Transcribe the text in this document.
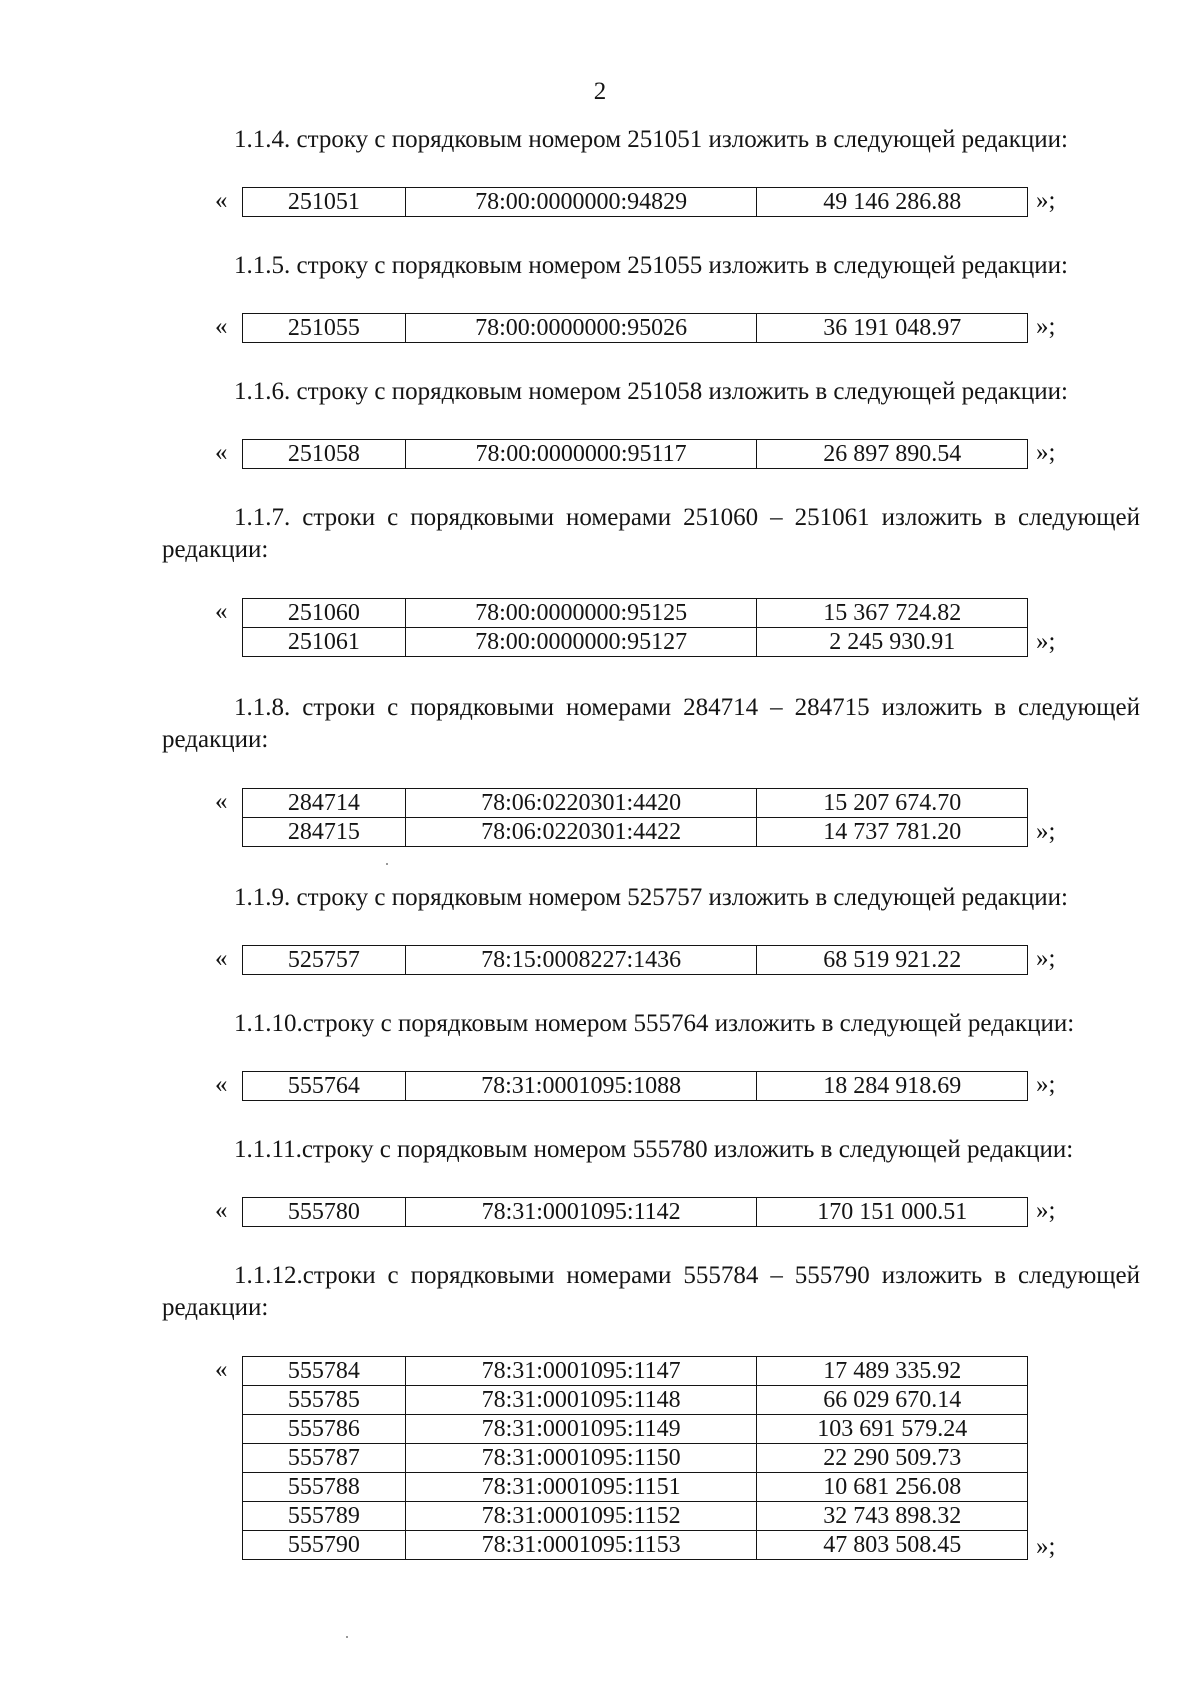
2

1.1.4. строку с порядковым номером 251051 изложить в следующей редакции:

«	251051	78:00:0000000:94829	49 146 286.88	»;

1.1.5. строку с порядковым номером 251055 изложить в следующей редакции:

«	251055	78:00:0000000:95026	36 191 048.97	»;

1.1.6. строку с порядковым номером 251058 изложить в следующей редакции:

«	251058	78:00:0000000:95117	26 897 890.54	»;

1.1.7. строки с порядковыми номерами 251060 – 251061 изложить в следующей редакции:

«	251060	78:00:0000000:95125	15 367 724.82
251061	78:00:0000000:95127	2 245 930.91	»;

1.1.8. строки с порядковыми номерами 284714 – 284715 изложить в следующей редакции:

«	284714	78:06:0220301:4420	15 207 674.70
284715	78:06:0220301:4422	14 737 781.20	»;

1.1.9. строку с порядковым номером 525757 изложить в следующей редакции:

«	525757	78:15:0008227:1436	68 519 921.22	»;

1.1.10.строку с порядковым номером 555764 изложить в следующей редакции:

«	555764	78:31:0001095:1088	18 284 918.69	»;

1.1.11.строку с порядковым номером 555780 изложить в следующей редакции:

«	555780	78:31:0001095:1142	170 151 000.51	»;

1.1.12.строки с порядковыми номерами 555784 – 555790 изложить в следующей редакции:

«	555784	78:31:0001095:1147	17 489 335.92
555785	78:31:0001095:1148	66 029 670.14
555786	78:31:0001095:1149	103 691 579.24
555787	78:31:0001095:1150	22 290 509.73
555788	78:31:0001095:1151	10 681 256.08
555789	78:31:0001095:1152	32 743 898.32
555790	78:31:0001095:1153	47 803 508.45	»;
